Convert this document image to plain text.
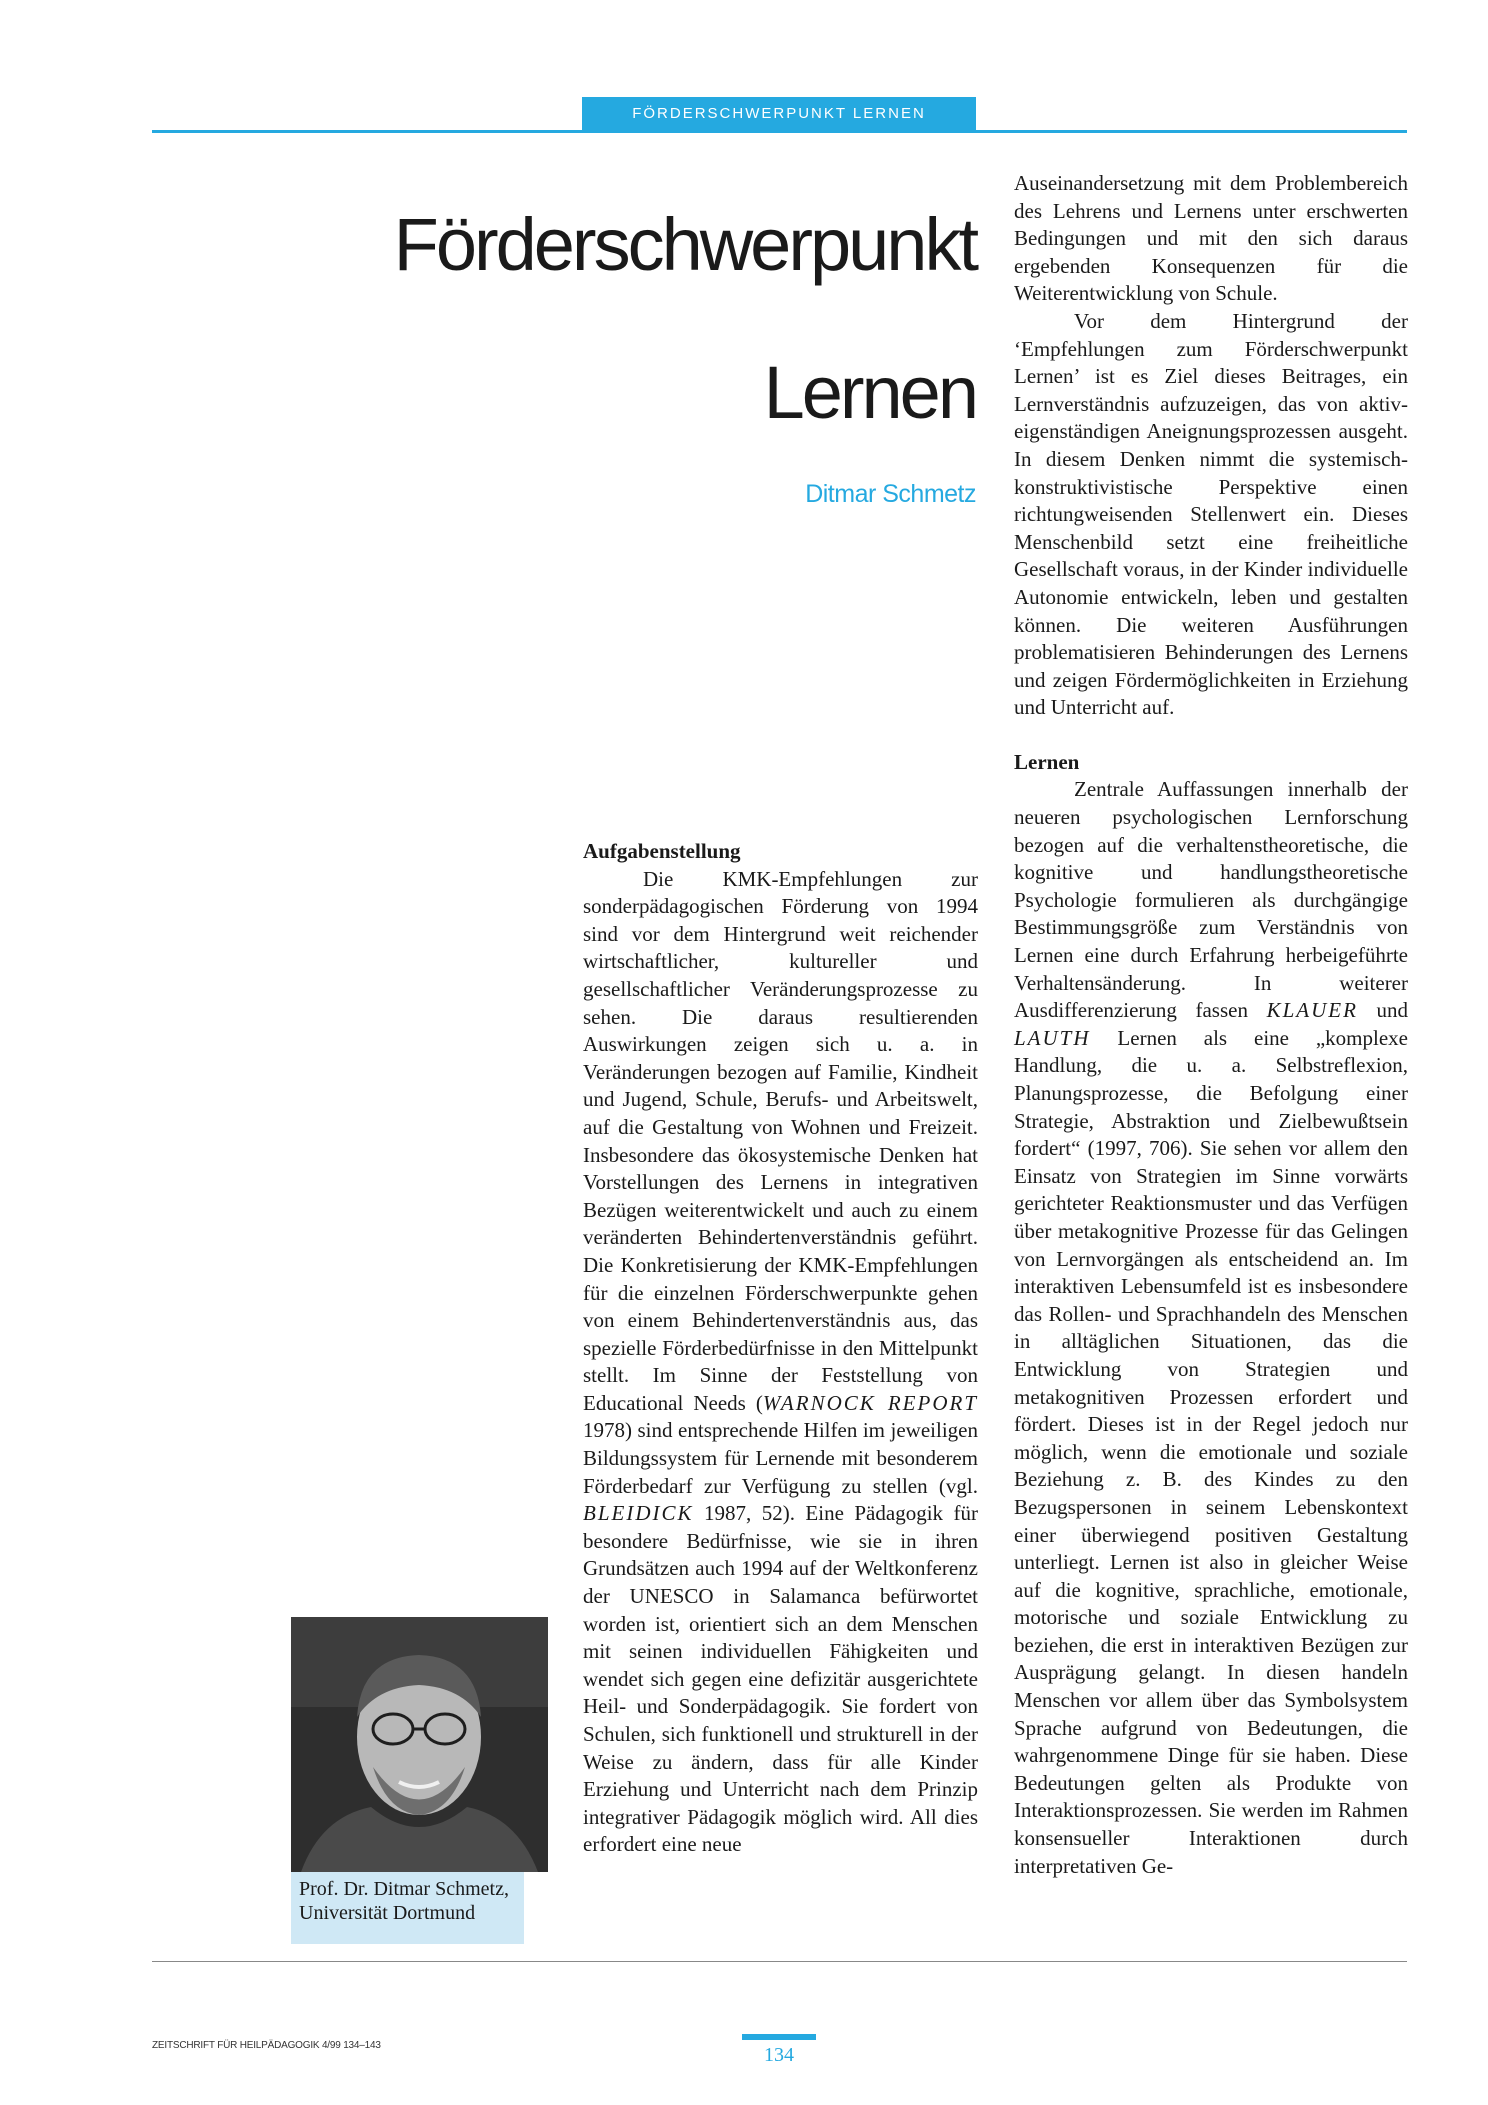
FÖRDERSCHWERPUNKT LERNEN
Förderschwerpunkt
Lernen
Ditmar Schmetz
Aufgabenstellung

Die KMK-Empfehlungen zur sonderpädagogischen Förderung von 1994 sind vor dem Hintergrund weit reichender wirtschaftlicher, kultureller und gesellschaftlicher Veränderungsprozesse zu sehen. Die daraus resultierenden Auswirkungen zeigen sich u. a. in Veränderungen bezogen auf Familie, Kindheit und Jugend, Schule, Berufs- und Arbeitswelt, auf die Gestaltung von Wohnen und Freizeit. Insbesondere das ökosystemische Denken hat Vorstellungen des Lernens in integrativen Bezügen weiterentwickelt und auch zu einem veränderten Behindertenverständnis geführt. Die Konkretisierung der KMK-Empfehlungen für die einzelnen Förderschwerpunkte gehen von einem Behindertenverständnis aus, das spezielle Förderbedürfnisse in den Mittelpunkt stellt. Im Sinne der Feststellung von Educational Needs (WARNOCK REPORT 1978) sind entsprechende Hilfen im jeweiligen Bildungssystem für Lernende mit besonderem Förderbedarf zur Verfügung zu stellen (vgl. BLEIDICK 1987, 52). Eine Pädagogik für besondere Bedürfnisse, wie sie in ihren Grundsätzen auch 1994 auf der Weltkonferenz der UNESCO in Salamanca befürwortet worden ist, orientiert sich an dem Menschen mit seinen individuellen Fähigkeiten und wendet sich gegen eine defizitär ausgerichtete Heil- und Sonderpädagogik. Sie fordert von Schulen, sich funktionell und strukturell in der Weise zu ändern, dass für alle Kinder Erziehung und Unterricht nach dem Prinzip integrativer Pädagogik möglich wird. All dies erfordert eine neue

Auseinandersetzung mit dem Problembereich des Lehrens und Lernens unter erschwerten Bedingungen und mit den sich daraus ergebenden Konsequenzen für die Weiterentwicklung von Schule.

Vor dem Hintergrund der ‘Empfehlungen zum Förderschwerpunkt Lernen’ ist es Ziel dieses Beitrages, ein Lernverständnis aufzuzeigen, das von aktiv-eigenständigen Aneignungsprozessen ausgeht. In diesem Denken nimmt die systemisch-konstruktivistische Perspektive einen richtungweisenden Stellenwert ein. Dieses Menschenbild setzt eine freiheitliche Gesellschaft voraus, in der Kinder individuelle Autonomie entwickeln, leben und gestalten können. Die weiteren Ausführungen problematisieren Behinderungen des Lernens und zeigen Fördermöglichkeiten in Erziehung und Unterricht auf.

Lernen

Zentrale Auffassungen innerhalb der neueren psychologischen Lernforschung bezogen auf die verhaltenstheoretische, die kognitive und handlungstheoretische Psychologie formulieren als durchgängige Bestimmungsgröße zum Verständnis von Lernen eine durch Erfahrung herbeigeführte Verhaltensänderung. In weiterer Ausdifferenzierung fassen KLAUER und LAUTH Lernen als eine „komplexe Handlung, die u. a. Selbstreflexion, Planungsprozesse, die Befolgung einer Strategie, Abstraktion und Zielbewußtsein fordert“ (1997, 706). Sie sehen vor allem den Einsatz von Strategien im Sinne vorwärts gerichteter Reaktionsmuster und das Verfügen über metakognitive Prozesse für das Gelingen von Lernvorgängen als entscheidend an. Im interaktiven Lebensumfeld ist es insbesondere das Rollen- und Sprachhandeln des Menschen in alltäglichen Situationen, das die Entwicklung von Strategien und metakognitiven Prozessen erfordert und fördert. Dieses ist in der Regel jedoch nur möglich, wenn die emotionale und soziale Beziehung z. B. des Kindes zu den Bezugspersonen in seinem Lebenskontext einer überwiegend positiven Gestaltung unterliegt. Lernen ist also in gleicher Weise auf die kognitive, sprachliche, emotionale, motorische und soziale Entwicklung zu beziehen, die erst in interaktiven Bezügen zur Ausprägung gelangt. In diesen handeln Menschen vor allem über das Symbolsystem Sprache aufgrund von Bedeutungen, die wahrgenommene Dinge für sie haben. Diese Bedeutungen gelten als Produkte von Interaktionsprozessen. Sie werden im Rahmen konsensueller Interaktionen durch interpretativen Ge-

Prof. Dr. Ditmar Schmetz,
Universität Dortmund
ZEITSCHRIFT FÜR HEILPÄDAGOGIK 4/99 134–143	134
